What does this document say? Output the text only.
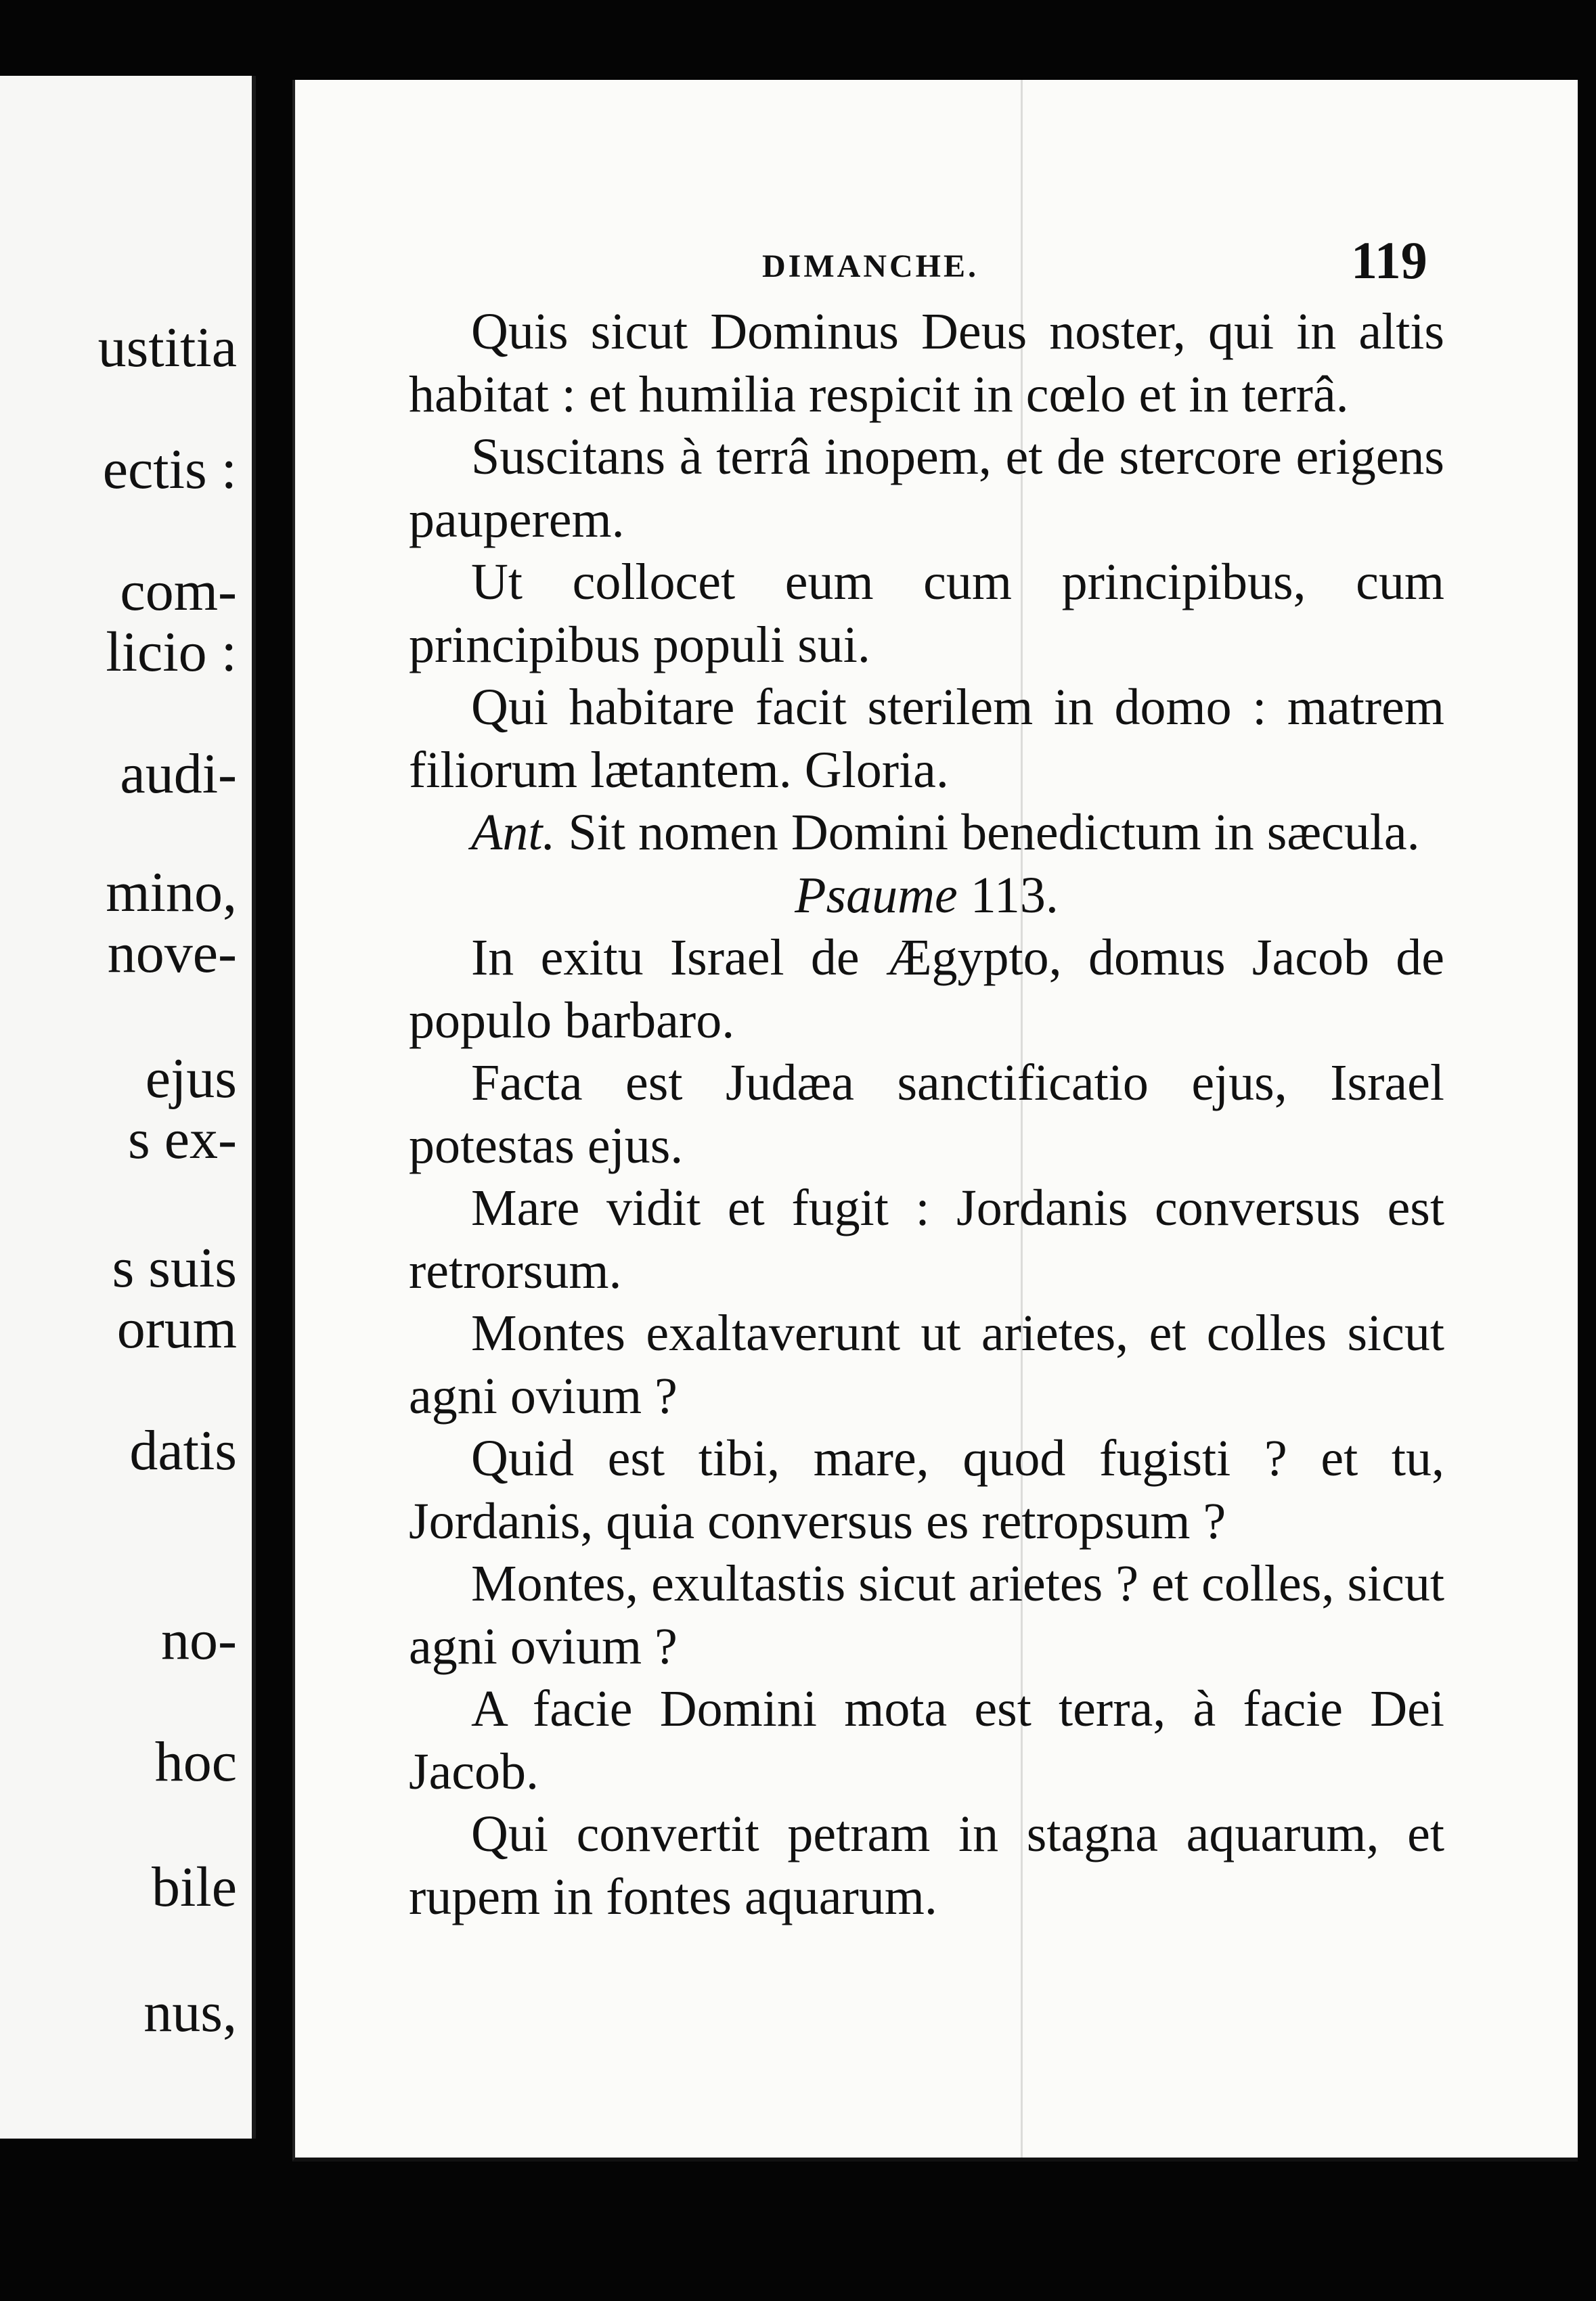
ustitia
ectis :
com-
licio :
audi-
mino,
nove-
ejus
s ex-
s suis
orum
datis
no-
hoc
bile
nus,
DIMANCHE.	119

Quis sicut Dominus Deus noster, qui in altis habitat : et humilia respicit in cœlo et in terrâ.

Suscitans à terrâ inopem, et de stercore erigens pauperem.

Ut collocet eum cum principibus, cum principibus populi sui.

Qui habitare facit sterilem in domo : matrem filiorum lætantem. Gloria.

Ant. Sit nomen Domini benedictum in sæcula.

Psaume 113.

In exitu Israel de Ægypto, domus Jacob de populo barbaro.

Facta est Judæa sanctificatio ejus, Israel potestas ejus.

Mare vidit et fugit : Jordanis conversus est retrorsum.

Montes exaltaverunt ut arietes, et colles sicut agni ovium ?

Quid est tibi, mare, quod fugisti ? et tu, Jordanis, quia conversus es retropsum ?

Montes, exultastis sicut arietes ? et colles, sicut agni ovium ?

A facie Domini mota est terra, à facie Dei Jacob.

Qui convertit petram in stagna aquarum, et rupem in fontes aquarum.
